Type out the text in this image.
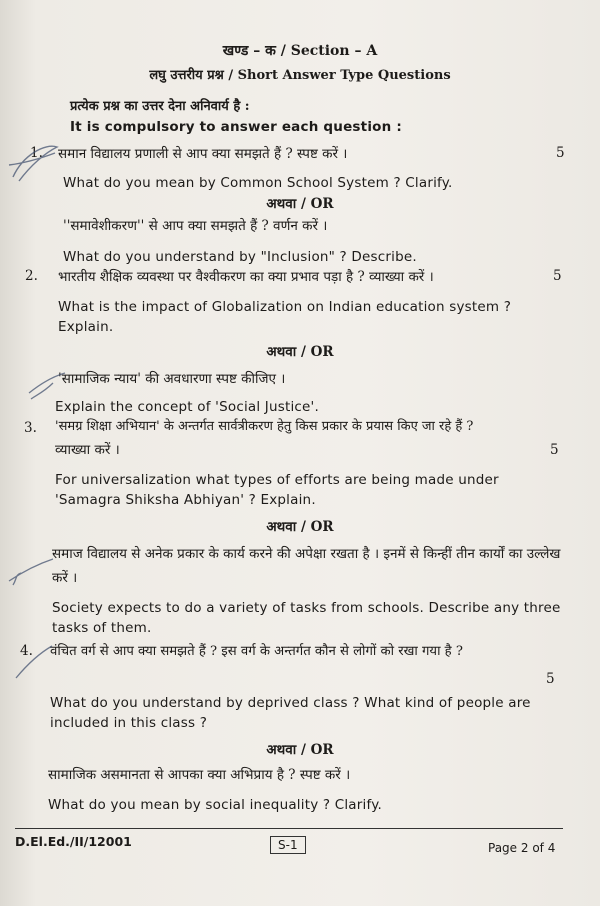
खण्ड – क / Section – A
लघु उत्तरीय प्रश्न / Short Answer Type Questions
प्रत्येक प्रश्न का उत्तर देना अनिवार्य है :
It is compulsory to answer each question :
1. समान विद्यालय प्रणाली से आप क्या समझते हैं ? स्पष्ट करें ।	5
What do you mean by Common School System ? Clarify.
अथवा / OR
''समावेशीकरण'' से आप क्या समझते हैं ? वर्णन करें ।
What do you understand by "Inclusion" ? Describe.
2. भारतीय शैक्षिक व्यवस्था पर वैश्वीकरण का क्या प्रभाव पड़ा है ? व्याख्या करें ।	5
What is the impact of Globalization on Indian education system ? Explain.
अथवा / OR
'सामाजिक न्याय' की अवधारणा स्पष्ट कीजिए ।
Explain the concept of 'Social Justice'.
3. 'समग्र शिक्षा अभियान' के अन्तर्गत सार्वत्रीकरण हेतु किस प्रकार के प्रयास किए जा रहे हैं ?
व्याख्या करें ।	5
For universalization what types of efforts are being made under 'Samagra Shiksha Abhiyan' ? Explain.
अथवा / OR
समाज विद्यालय से अनेक प्रकार के कार्य करने की अपेक्षा रखता है । इनमें से किन्हीं तीन कार्यों का उल्लेख करें ।
Society expects to do a variety of tasks from schools. Describe any three tasks of them.
4. वंचित वर्ग से आप क्या समझते हैं ? इस वर्ग के अन्तर्गत कौन से लोगों को रखा गया है ?
5
What do you understand by deprived class ? What kind of people are included in this class ?
अथवा / OR
सामाजिक असमानता से आपका क्या अभिप्राय है ? स्पष्ट करें ।
What do you mean by social inequality ? Clarify.
D.El.Ed./II/12001	S-1	Page 2 of 4
